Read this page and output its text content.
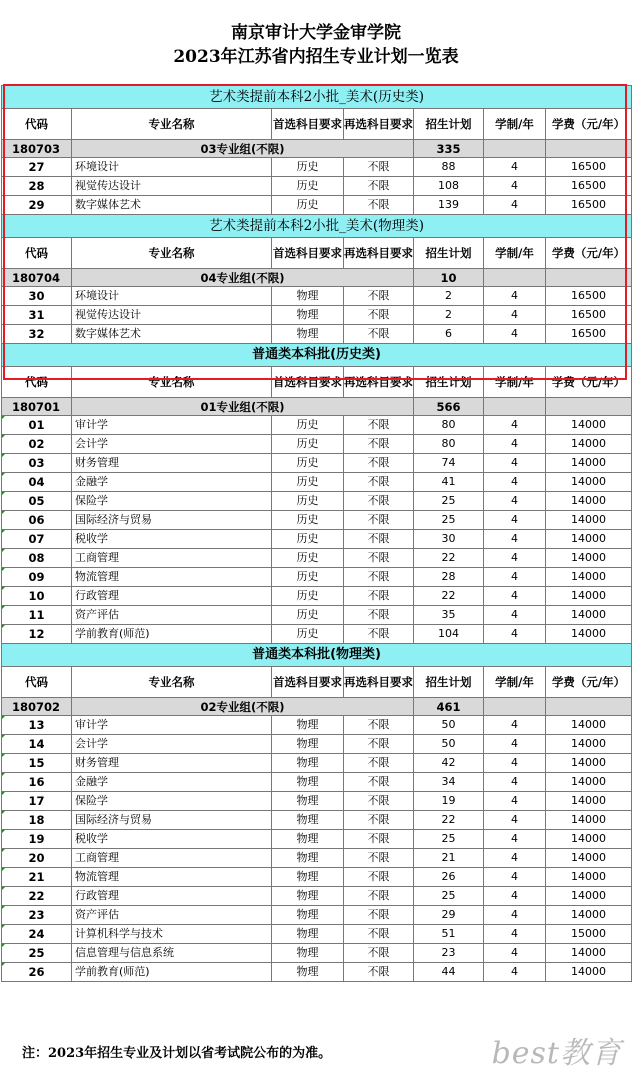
南京审计大学金审学院
2023年江苏省内招生专业计划一览表
艺术类提前本科2小批_美术(历史类)						
代码	专业名称	首选科目要求	再选科目要求	招生计划	学制/年	学费（元/年）
180703	03专业组(不限)			335		
27	环境设计	历史	不限	88	4	16500
28	视觉传达设计	历史	不限	108	4	16500
29	数字媒体艺术	历史	不限	139	4	16500
艺术类提前本科2小批_美术(物理类)						
代码	专业名称	首选科目要求	再选科目要求	招生计划	学制/年	学费（元/年）
180704	04专业组(不限)			10		
30	环境设计	物理	不限	2	4	16500
31	视觉传达设计	物理	不限	2	4	16500
32	数字媒体艺术	物理	不限	6	4	16500
普通类本科批(历史类)						
代码	专业名称	首选科目要求	再选科目要求	招生计划	学制/年	学费（元/年）
180701	01专业组(不限)			566		
01	审计学	历史	不限	80	4	14000
02	会计学	历史	不限	80	4	14000
03	财务管理	历史	不限	74	4	14000
04	金融学	历史	不限	41	4	14000
05	保险学	历史	不限	25	4	14000
06	国际经济与贸易	历史	不限	25	4	14000
07	税收学	历史	不限	30	4	14000
08	工商管理	历史	不限	22	4	14000
09	物流管理	历史	不限	28	4	14000
10	行政管理	历史	不限	22	4	14000
11	资产评估	历史	不限	35	4	14000
12	学前教育(师范)	历史	不限	104	4	14000
普通类本科批(物理类)						
代码	专业名称	首选科目要求	再选科目要求	招生计划	学制/年	学费（元/年）
180702	02专业组(不限)			461		
13	审计学	物理	不限	50	4	14000
14	会计学	物理	不限	50	4	14000
15	财务管理	物理	不限	42	4	14000
16	金融学	物理	不限	34	4	14000
17	保险学	物理	不限	19	4	14000
18	国际经济与贸易	物理	不限	22	4	14000
19	税收学	物理	不限	25	4	14000
20	工商管理	物理	不限	21	4	14000
21	物流管理	物理	不限	26	4	14000
22	行政管理	物理	不限	25	4	14000
23	资产评估	物理	不限	29	4	14000
24	计算机科学与技术	物理	不限	51	4	15000
25	信息管理与信息系统	物理	不限	23	4	14000
26	学前教育(师范)	物理	不限	44	4	14000
注：2023年招生专业及计划以省考试院公布的为准。	best教育
